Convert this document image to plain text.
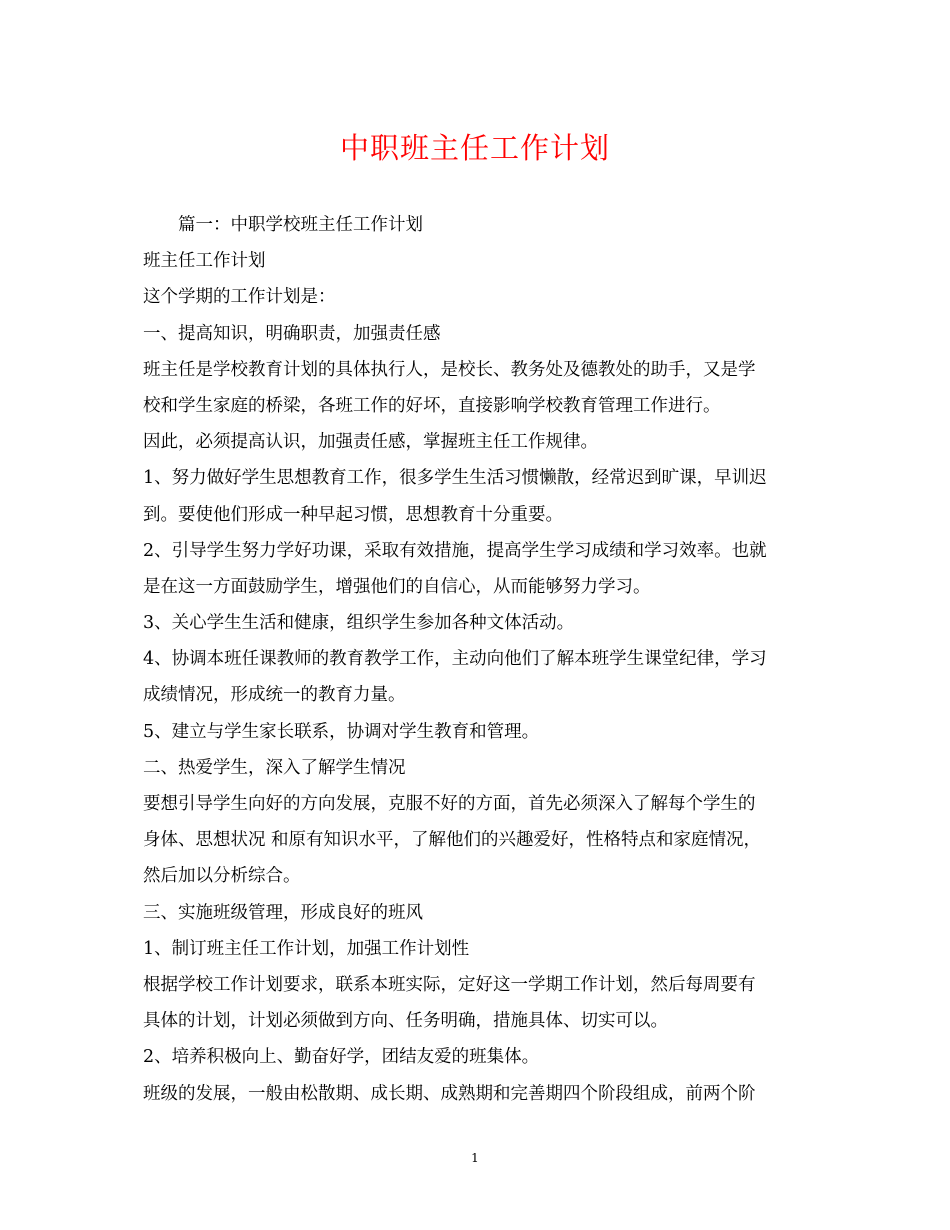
中职班主任工作计划
篇一：中职学校班主任工作计划
班主任工作计划
这个学期的工作计划是：
一、提高知识，明确职责，加强责任感
班主任是学校教育计划的具体执行人，是校长、教务处及德教处的助手，又是学
校和学生家庭的桥梁，各班工作的好坏，直接影响学校教育管理工作进行。
因此，必须提高认识，加强责任感，掌握班主任工作规律。
1、努力做好学生思想教育工作，很多学生生活习惯懒散，经常迟到旷课，早训迟
到。要使他们形成一种早起习惯，思想教育十分重要。
2、引导学生努力学好功课，采取有效措施，提高学生学习成绩和学习效率。也就
是在这一方面鼓励学生，增强他们的自信心，从而能够努力学习。
3、关心学生生活和健康，组织学生参加各种文体活动。
4、协调本班任课教师的教育教学工作，主动向他们了解本班学生课堂纪律，学习
成绩情况，形成统一的教育力量。
5、建立与学生家长联系，协调对学生教育和管理。
二、热爱学生，深入了解学生情况
要想引导学生向好的方向发展，克服不好的方面，首先必须深入了解每个学生的
身体、思想状况 和原有知识水平，了解他们的兴趣爱好，性格特点和家庭情况，
然后加以分析综合。
三、实施班级管理，形成良好的班风
1、制订班主任工作计划，加强工作计划性
根据学校工作计划要求，联系本班实际，定好这一学期工作计划，然后每周要有
具体的计划，计划必须做到方向、任务明确，措施具体、切实可以。
2、培养积极向上、勤奋好学，团结友爱的班集体。
班级的发展，一般由松散期、成长期、成熟期和完善期四个阶段组成，前两个阶
1
